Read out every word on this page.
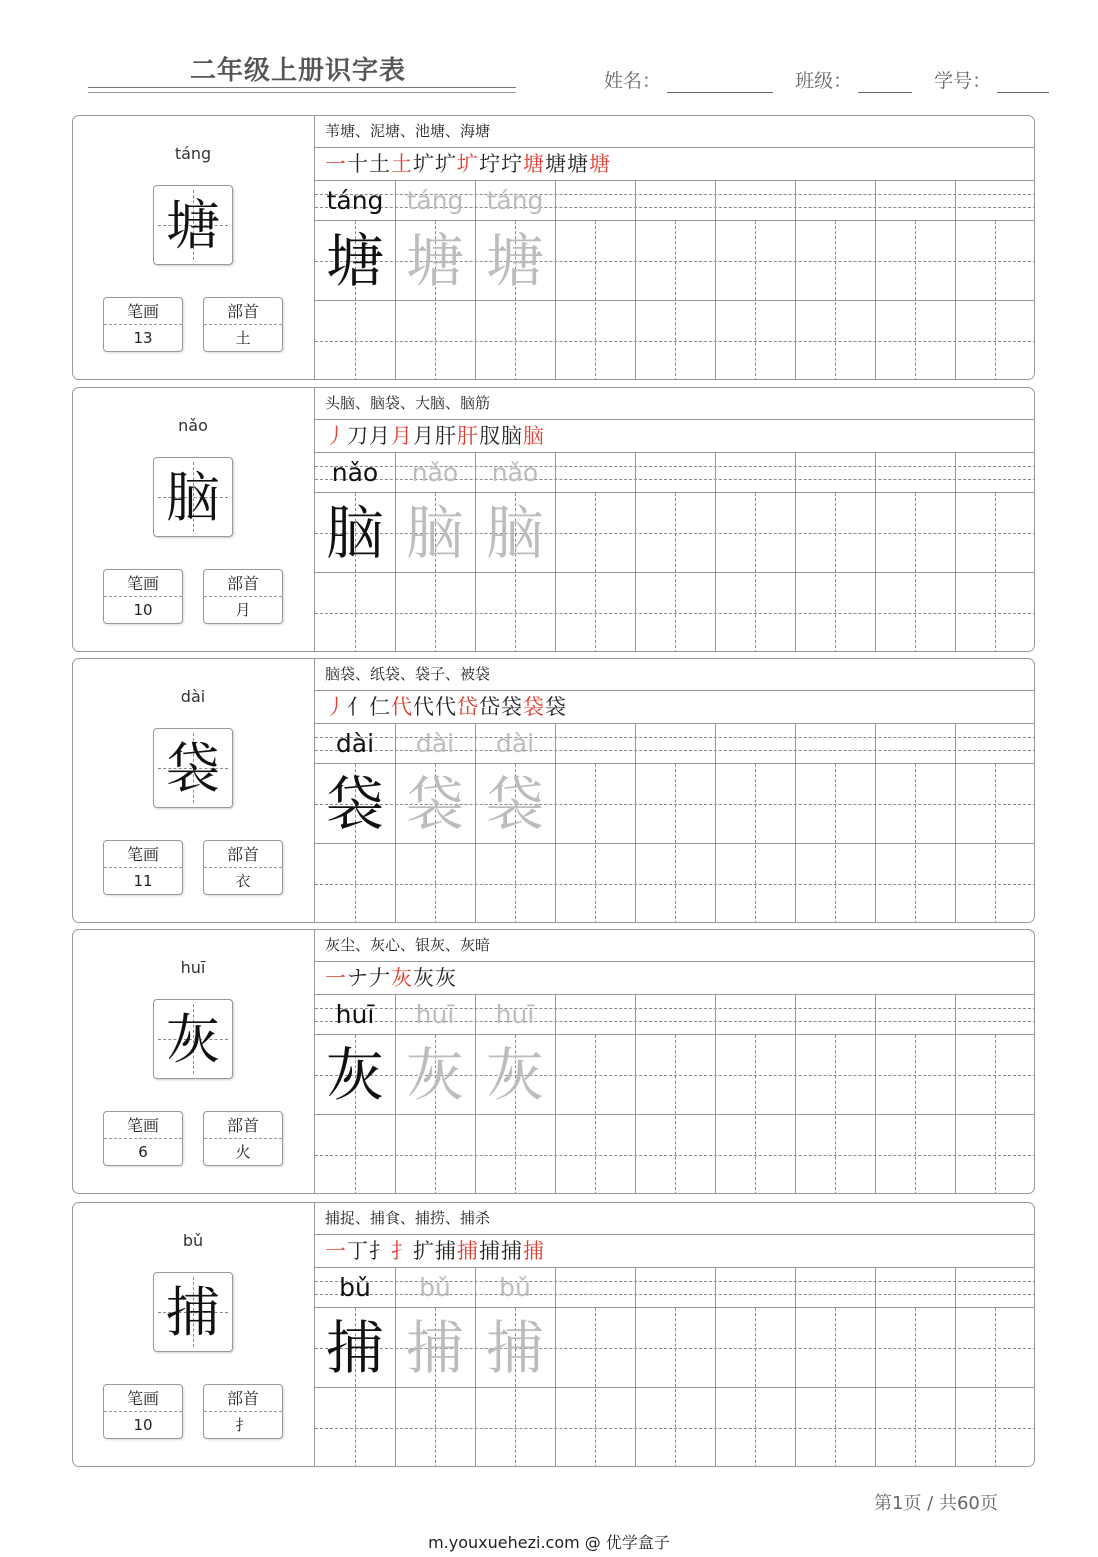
二年级上册识字表	姓名：	班级：	学号：
táng
塘
笔画
13
部首
土
苇塘、泥塘、池塘、海塘
一十土土圹圹圹坾坾塘塘塘塘
táng
塘
táng
塘
táng
塘
nǎo
脑
笔画
10
部首
月
头脑、脑袋、大脑、脑筋
丿刀月月月肝肝肞脑脑
nǎo
脑
nǎo
脑
nǎo
脑
dài
袋
笔画
11
部首
衣
脑袋、纸袋、袋子、被袋
丿亻仁代代代岱岱袋袋袋
dài
袋
dài
袋
dài
袋
huī
灰
笔画
6
部首
火
灰尘、灰心、银灰、灰暗
一ナ𠂇灰灰灰
huī
灰
huī
灰
huī
灰
bǔ
捕
笔画
10
部首
扌
捕捉、捕食、捕捞、捕杀
一丁扌扌扩捕捕捕捕捕
bǔ
捕
bǔ
捕
bǔ
捕
第1页 / 共60页
m.youxuehezi.com @ 优学盒子
